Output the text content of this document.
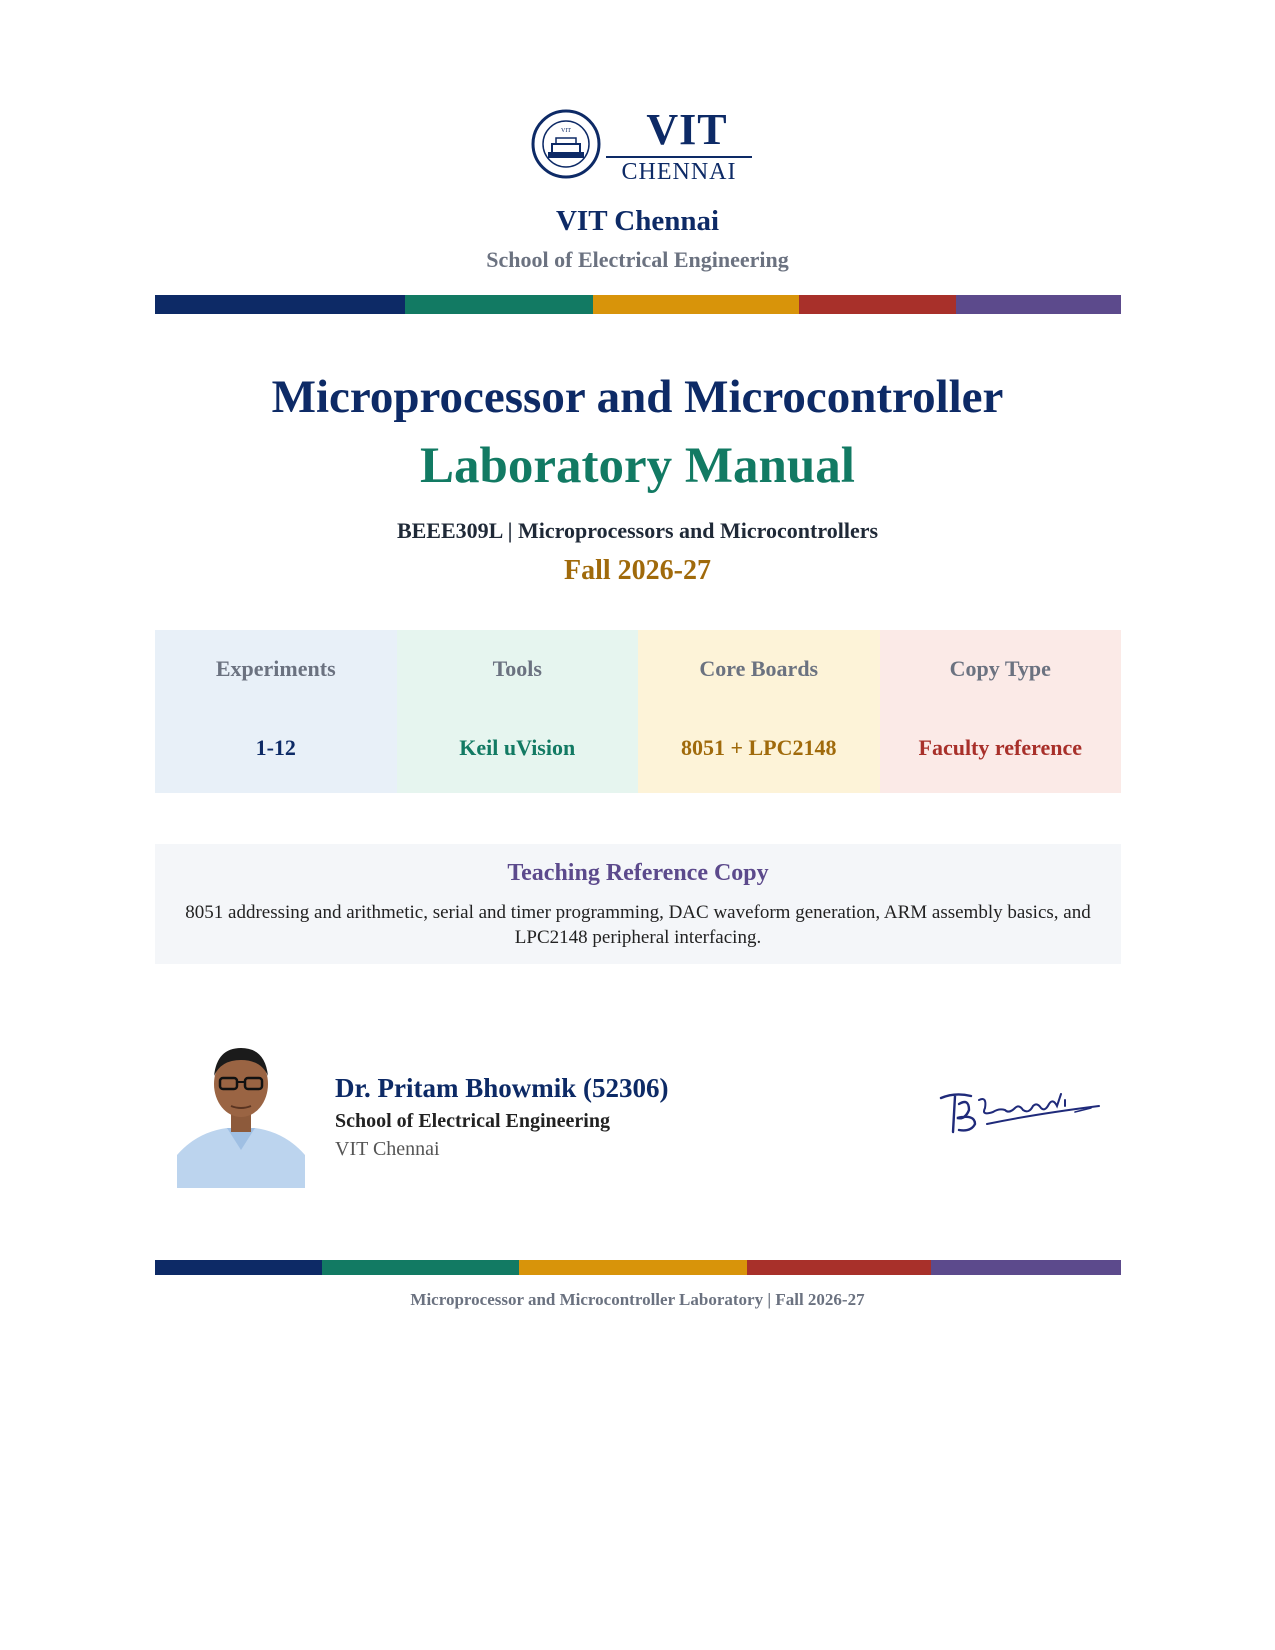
VIT	VIT
CHENNAI
VIT Chennai
School of Electrical Engineering
Microprocessor and Microcontroller
Laboratory Manual
BEEE309L | Microprocessors and Microcontrollers
Fall 2026-27
Experiments
1-12
Tools
Keil uVision
Core Boards
8051 + LPC2148
Copy Type
Faculty reference
Teaching Reference Copy
8051 addressing and arithmetic, serial and timer programming, DAC waveform generation, ARM assembly basics, and LPC2148 peripheral interfacing.
Dr. Pritam Bhowmik (52306)
School of Electrical Engineering
VIT Chennai
Microprocessor and Microcontroller Laboratory | Fall 2026-27
